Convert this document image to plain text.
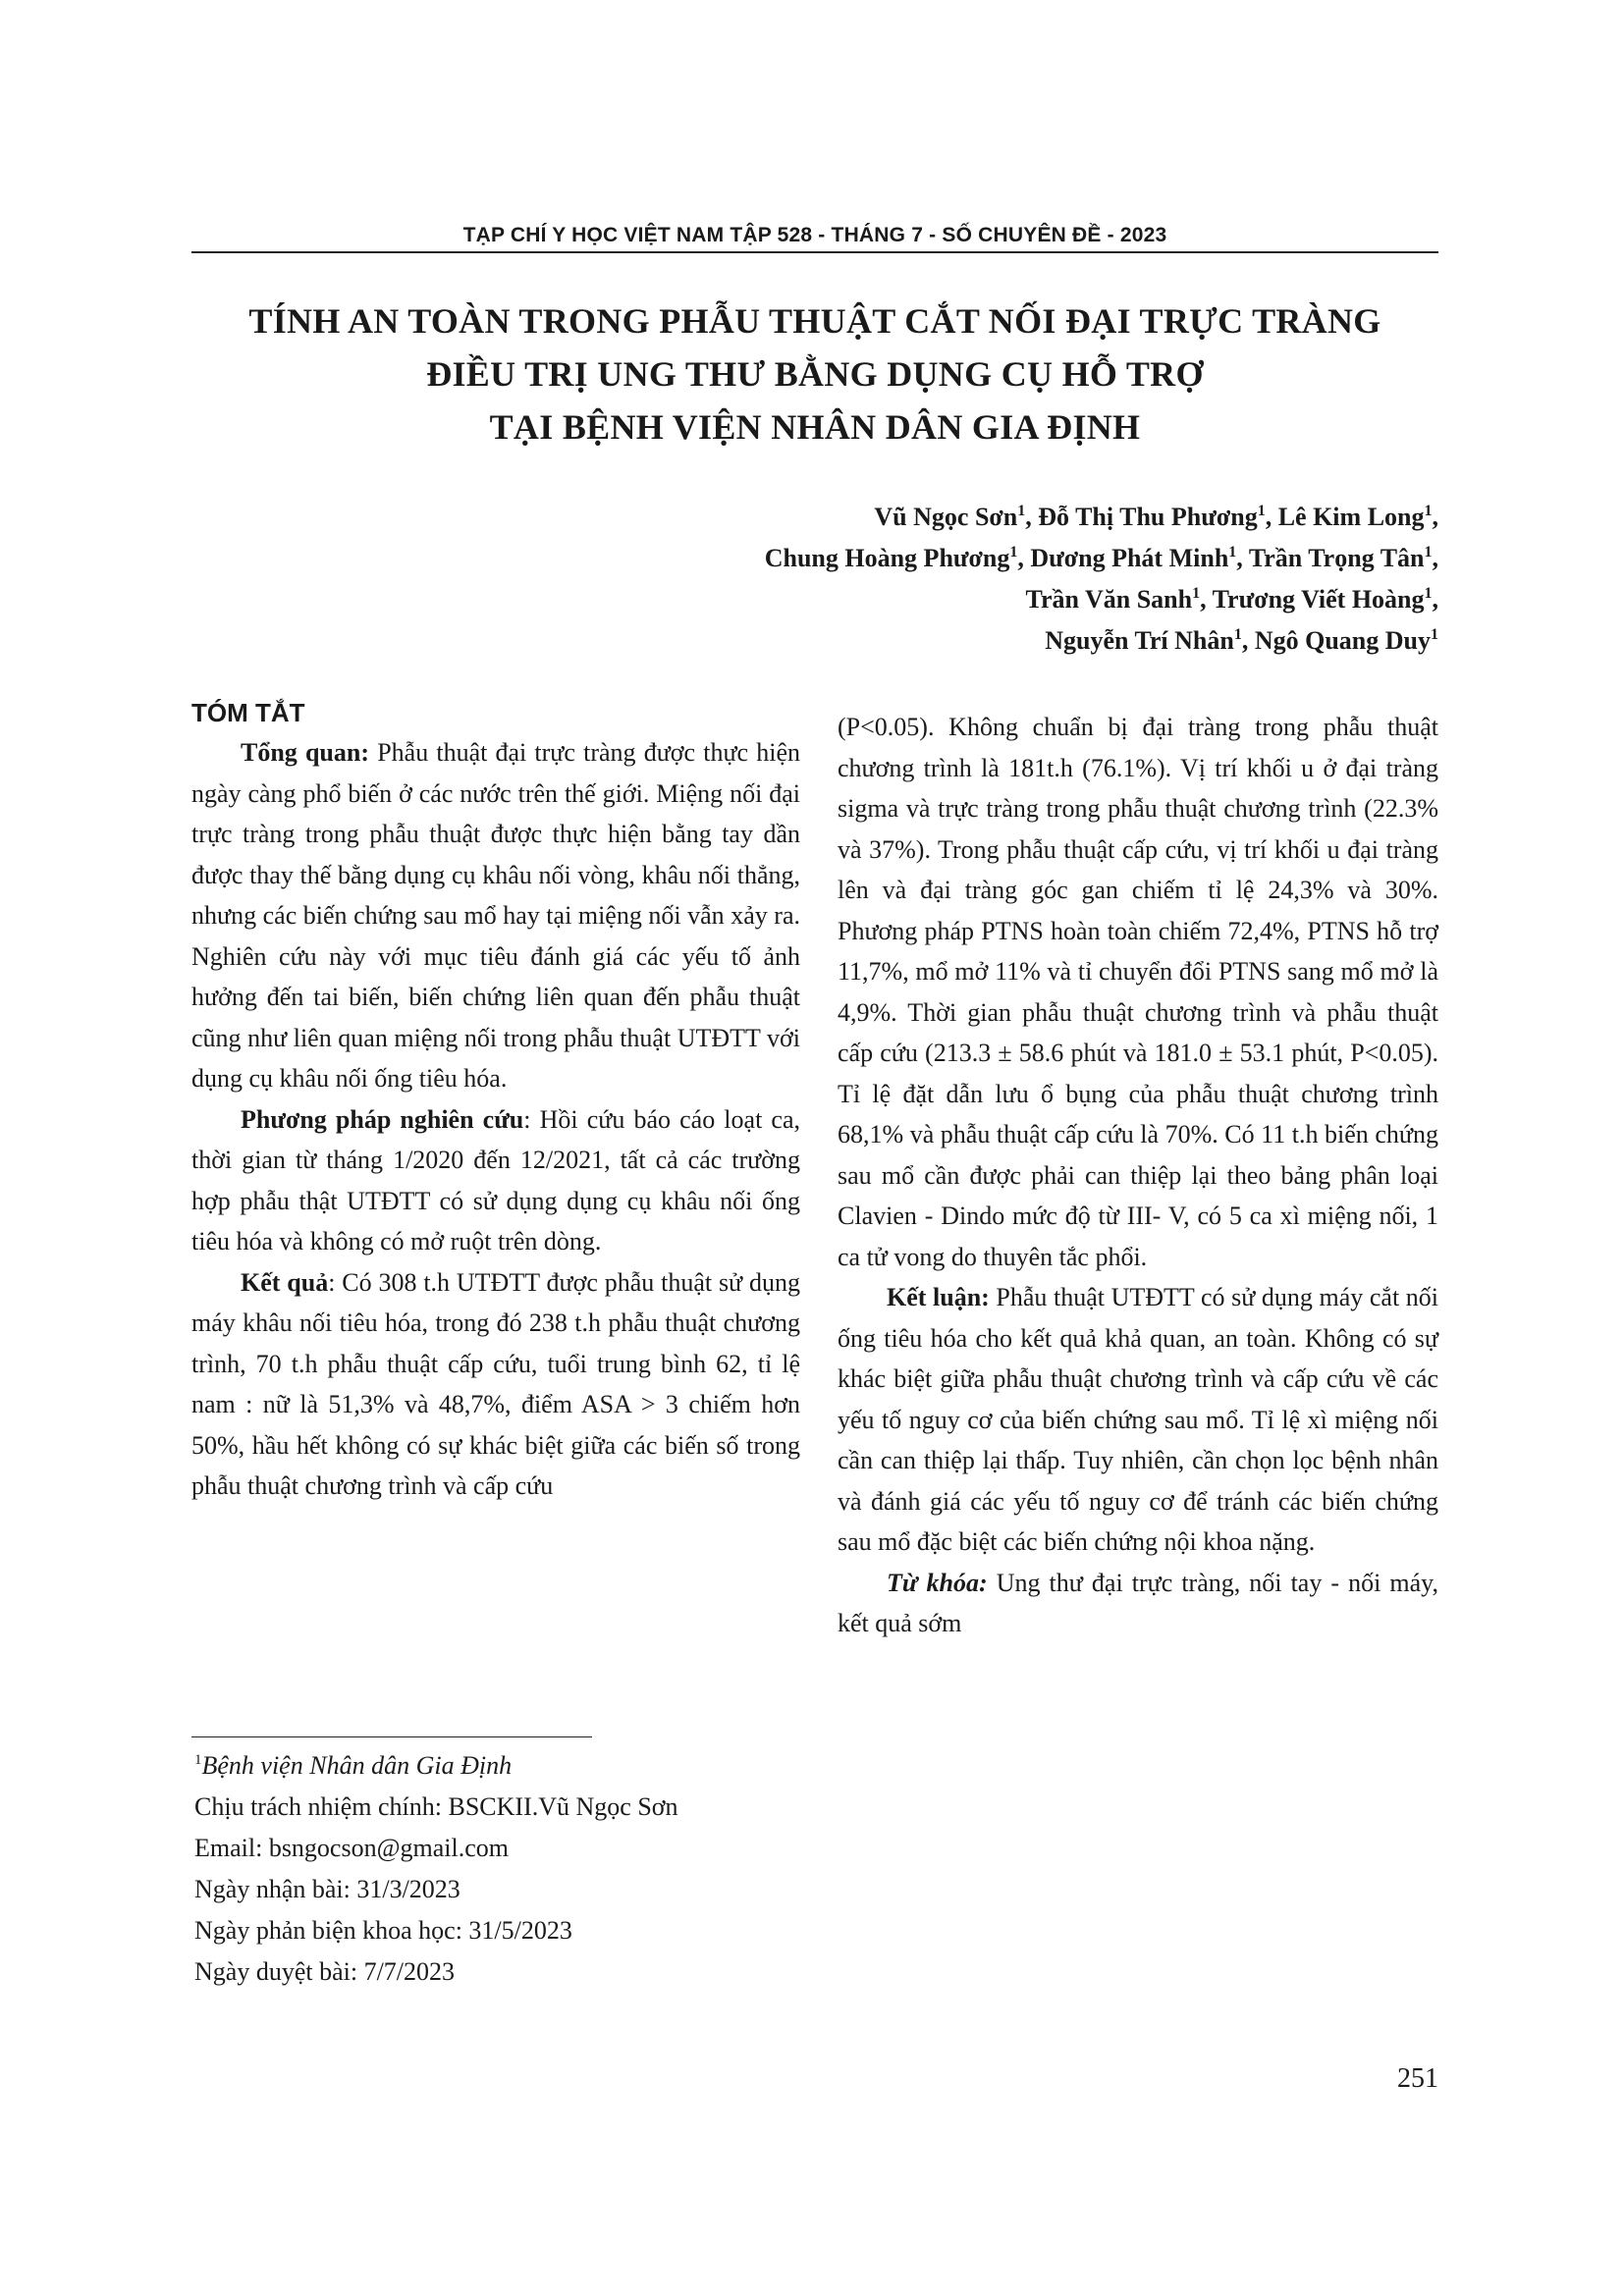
TẠP CHÍ Y HỌC VIỆT NAM TẬP 528 - THÁNG 7 - SỐ CHUYÊN ĐỀ - 2023
TÍNH AN TOÀN TRONG PHẪU THUẬT CẮT NỐI ĐẠI TRỰC TRÀNG
ĐIỀU TRỊ UNG THƯ BẰNG DỤNG CỤ HỖ TRỢ
TẠI BỆNH VIỆN NHÂN DÂN GIA ĐỊNH
Vũ Ngọc Sơn$^1$, Đỗ Thị Thu Phương$^1$, Lê Kim Long$^1$,
Chung Hoàng Phương$^1$, Dương Phát Minh$^1$, Trần Trọng Tân$^1$,
Trần Văn Sanh$^1$, Trương Viết Hoàng$^1$,
Nguyễn Trí Nhân$^1$, Ngô Quang Duy$^1$

TÓM TẮT

Tổng quan: Phẫu thuật đại trực tràng được thực hiện ngày càng phổ biến ở các nước trên thế giới. Miệng nối đại trực tràng trong phẫu thuật được thực hiện bằng tay dần được thay thế bằng dụng cụ khâu nối vòng, khâu nối thẳng, nhưng các biến chứng sau mổ hay tại miệng nối vẫn xảy ra. Nghiên cứu này với mục tiêu đánh giá các yếu tố ảnh hưởng đến tai biến, biến chứng liên quan đến phẫu thuật cũng như liên quan miệng nối trong phẫu thuật UTĐTT với dụng cụ khâu nối ống tiêu hóa.

Phương pháp nghiên cứu: Hồi cứu báo cáo loạt ca, thời gian từ tháng 1/2020 đến 12/2021, tất cả các trường hợp phẫu thật UTĐTT có sử dụng dụng cụ khâu nối ống tiêu hóa và không có mở ruột trên dòng.

Kết quả: Có 308 t.h UTĐTT được phẫu thuật sử dụng máy khâu nối tiêu hóa, trong đó 238 t.h phẫu thuật chương trình, 70 t.h phẫu thuật cấp cứu, tuổi trung bình 62, tỉ lệ nam : nữ là 51,3% và 48,7%, điểm ASA > 3 chiếm hơn 50%, hầu hết không có sự khác biệt giữa các biến số trong phẫu thuật chương trình và cấp cứu

(P<0.05). Không chuẩn bị đại tràng trong phẫu thuật chương trình là 181t.h (76.1%). Vị trí khối u ở đại tràng sigma và trực tràng trong phẫu thuật chương trình (22.3% và 37%). Trong phẫu thuật cấp cứu, vị trí khối u đại tràng lên và đại tràng góc gan chiếm tỉ lệ 24,3% và 30%. Phương pháp PTNS hoàn toàn chiếm 72,4%, PTNS hỗ trợ 11,7%, mổ mở 11% và tỉ chuyển đổi PTNS sang mổ mở là 4,9%. Thời gian phẫu thuật chương trình và phẫu thuật cấp cứu (213.3 ± 58.6 phút và 181.0 ± 53.1 phút, P<0.05). Tỉ lệ đặt dẫn lưu ổ bụng của phẫu thuật chương trình 68,1% và phẫu thuật cấp cứu là 70%. Có 11 t.h biến chứng sau mổ cần được phải can thiệp lại theo bảng phân loại Clavien - Dindo mức độ từ III- V, có 5 ca xì miệng nối, 1 ca tử vong do thuyên tắc phổi.

Kết luận: Phẫu thuật UTĐTT có sử dụng máy cắt nối ống tiêu hóa cho kết quả khả quan, an toàn. Không có sự khác biệt giữa phẫu thuật chương trình và cấp cứu về các yếu tố nguy cơ của biến chứng sau mổ. Tỉ lệ xì miệng nối cần can thiệp lại thấp. Tuy nhiên, cần chọn lọc bệnh nhân và đánh giá các yếu tố nguy cơ để tránh các biến chứng sau mổ đặc biệt các biến chứng nội khoa nặng.

Từ khóa: Ung thư đại trực tràng, nối tay - nối máy, kết quả sớm

$^1$Bệnh viện Nhân dân Gia Định
Chịu trách nhiệm chính: BSCKII.Vũ Ngọc Sơn
Email: bsngocson@gmail.com
Ngày nhận bài: 31/3/2023
Ngày phản biện khoa học: 31/5/2023
Ngày duyệt bài: 7/7/2023
251
